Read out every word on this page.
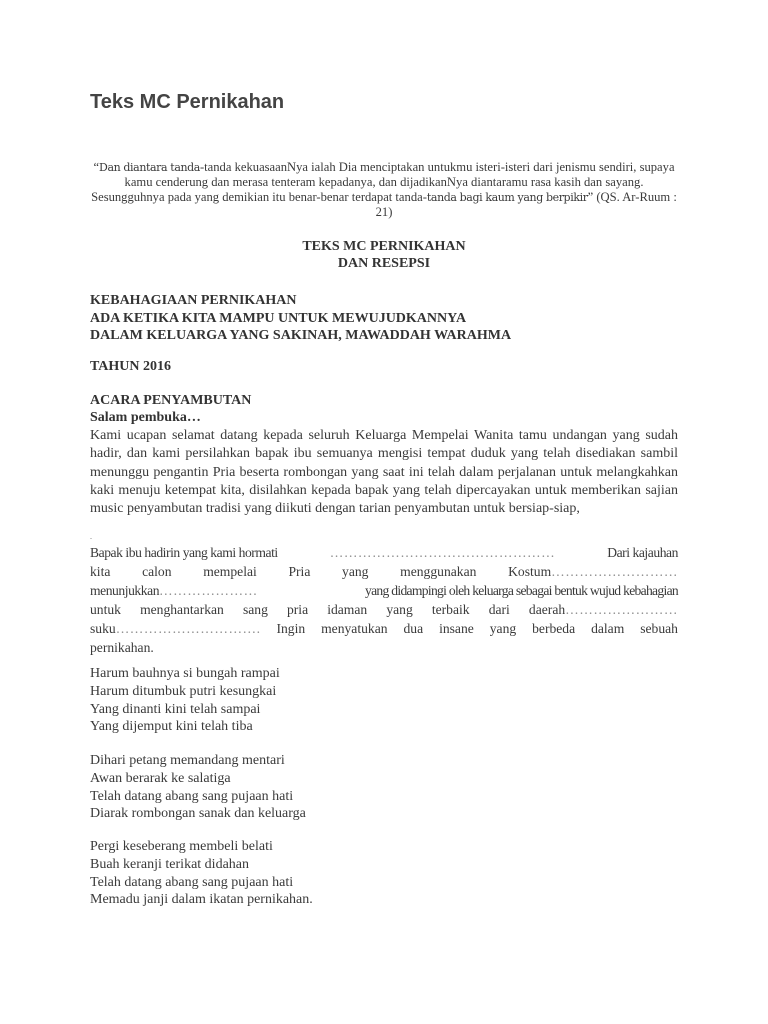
Teks MC Pernikahan
“Dan diantara tanda-tanda kekuasaanNya ialah Dia menciptakan untukmu isteri-isteri dari jenismu sendiri, supaya
kamu cenderung dan merasa tenteram kepadanya, dan dijadikanNya diantaramu rasa kasih dan sayang.
Sesungguhnya pada yang demikian itu benar-benar terdapat tanda-tanda bagi kaum yang berpikir” (QS. Ar-Ruum :
21)
TEKS MC PERNIKAHAN
DAN RESEPSI
KEBAHAGIAAN PERNIKAHAN
ADA KETIKA KITA MAMPU UNTUK MEWUJUDKANNYA
DALAM KELUARGA YANG SAKINAH, MAWADDAH WARAHMA
TAHUN 2016
ACARA PENYAMBUTAN
Salam pembuka…
Kami ucapan selamat datang kepada seluruh Keluarga Mempelai Wanita tamu undangan yang sudah hadir, dan kami persilahkan bapak ibu semuanya mengisi tempat duduk yang telah disediakan sambil menunggu pengantin Pria beserta rombongan yang saat ini telah dalam perjalanan untuk melangkahkan kaki menuju ketempat kita, disilahkan kepada bapak yang telah dipercayakan untuk memberikan sajian music penyambutan tradisi yang diikuti dengan tarian penyambutan untuk bersiap-siap,
.
Bapak ibu hadirin yang kami hormati	…………………………………………	Dari kajauhan
kita calon mempelai Pria yang menggunakan Kostum………………………
menunjukkan…………………	yang didampingi oleh keluarga sebagai bentuk wujud kebahagian
untuk menghantarkan sang pria idaman yang terbaik dari daerah……………………
suku…………………………. Ingin menyatukan dua insane yang berbeda dalam sebuah
pernikahan.
Harum bauhnya si bungah rampai
Harum ditumbuk putri kesungkai
Yang dinanti kini telah sampai
Yang dijemput kini telah tiba
Dihari petang memandang mentari
Awan berarak ke salatiga
Telah datang abang sang pujaan hati
Diarak rombongan sanak dan keluarga
Pergi keseberang membeli belati
Buah keranji terikat didahan
Telah datang abang sang pujaan hati
Memadu janji dalam ikatan pernikahan.
